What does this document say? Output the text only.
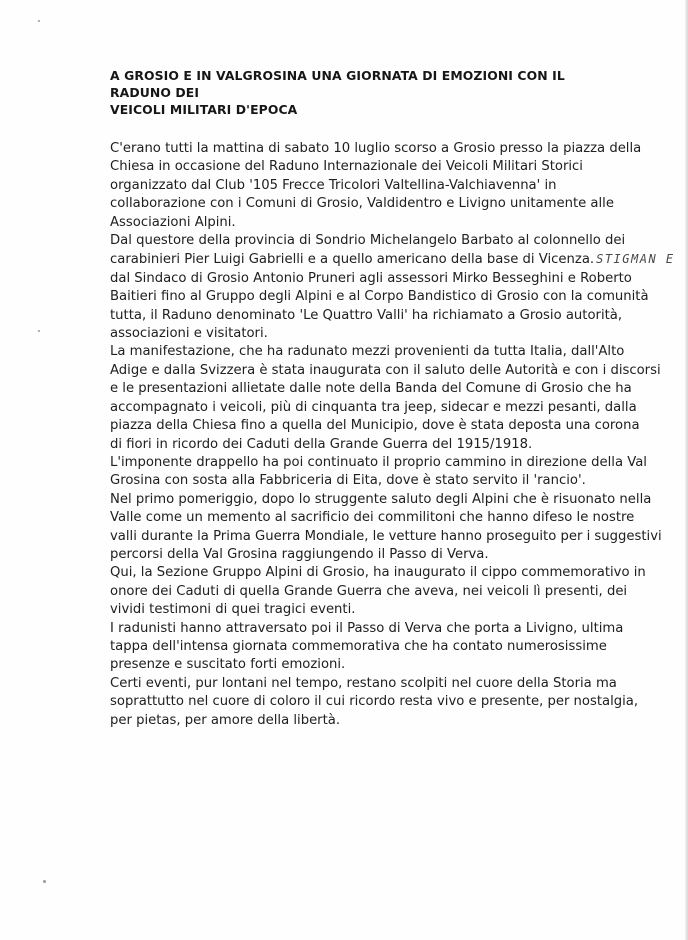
A GROSIO E IN VALGROSINA UNA GIORNATA DI EMOZIONI CON IL RADUNO DEI
VEICOLI MILITARI D'EPOCA
C'erano tutti la mattina di sabato 10 luglio scorso a Grosio presso la piazza della
Chiesa in occasione del Raduno Internazionale dei Veicoli Militari Storici
organizzato dal Club '105 Frecce Tricolori Valtellina-Valchiavenna' in
collaborazione con i Comuni di Grosio, Valdidentro e Livigno unitamente alle
Associazioni Alpini.
Dal questore della provincia di Sondrio Michelangelo Barbato al colonnello dei
carabinieri Pier Luigi Gabrielli e a quello americano della base di Vicenza. STIGMAN E
dal Sindaco di Grosio Antonio Pruneri agli assessori Mirko Besseghini e Roberto
Baitieri fino al Gruppo degli Alpini e al Corpo Bandistico di Grosio con la comunità
tutta, il Raduno denominato 'Le Quattro Valli' ha richiamato a Grosio autorità,
associazioni e visitatori.
La manifestazione, che ha radunato mezzi provenienti da tutta Italia, dall'Alto
Adige e dalla Svizzera è stata inaugurata con il saluto delle Autorità e con i discorsi
e le presentazioni allietate dalle note della Banda del Comune di Grosio che ha
accompagnato i veicoli, più di cinquanta tra jeep, sidecar e mezzi pesanti, dalla
piazza della Chiesa fino a quella del Municipio, dove è stata deposta una corona
di fiori in ricordo dei Caduti della Grande Guerra del 1915/1918.
L'imponente drappello ha poi continuato il proprio cammino in direzione della Val
Grosina con sosta alla Fabbriceria di Eita, dove è stato servito il 'rancio'.
Nel primo pomeriggio, dopo lo struggente saluto degli Alpini che è risuonato nella
Valle come un memento al sacrificio dei commilitoni che hanno difeso le nostre
valli durante la Prima Guerra Mondiale, le vetture hanno proseguito per i suggestivi
percorsi della Val Grosina raggiungendo il Passo di Verva.
Qui, la Sezione Gruppo Alpini di Grosio, ha inaugurato il cippo commemorativo in
onore dei Caduti di quella Grande Guerra che aveva, nei veicoli lì presenti, dei
vividi testimoni di quei tragici eventi.
I radunisti hanno attraversato poi il Passo di Verva che porta a Livigno, ultima
tappa dell'intensa giornata commemorativa che ha contato numerosissime
presenze e suscitato forti emozioni.
Certi eventi, pur lontani nel tempo, restano scolpiti nel cuore della Storia ma
soprattutto nel cuore di coloro il cui ricordo resta vivo e presente, per nostalgia,
per pietas, per amore della libertà.
